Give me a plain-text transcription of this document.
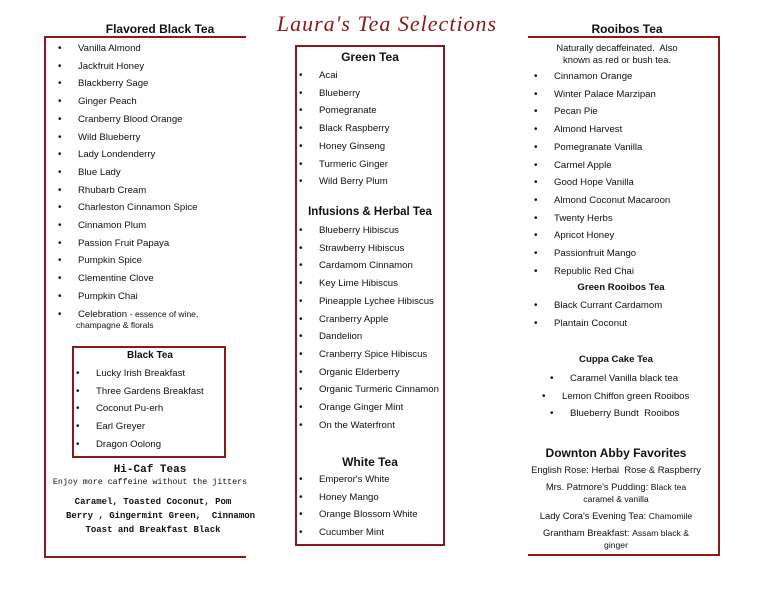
Laura's Tea Selections
Flavored Black Tea
• Vanilla Almond
• Jackfruit Honey
• Blackberry Sage
• Ginger Peach
• Cranberry Blood Orange
• Wild Blueberry
• Lady Londenderry
• Blue Lady
• Rhubarb Cream
• Charleston Cinnamon Spice
• Cinnamon Plum
• Passion Fruit Papaya
• Pumpkin Spice
• Clementine Clove
• Pumpkin Chai
• Celebration - essence of wine,
champagne & florals
Black Tea
• Lucky Irish Breakfast
• Three Gardens Breakfast
• Coconut Pu-erh
• Earl Greyer
• Dragon Oolong
Hi-Caf Teas
Enjoy more caffeine without the jitters
Caramel, Toasted Coconut, Pom
Berry , Gingermint Green,  Cinnamon
Toast and Breakfast Black
Green Tea
• Acai
• Blueberry
• Pomegranate
• Black Raspberry
• Honey Ginseng
• Turmeric Ginger
• Wild Berry Plum
Infusions & Herbal Tea
• Blueberry Hibiscus
• Strawberry Hibiscus
• Cardamom Cinnamon
• Key Lime Hibiscus
• Pineapple Lychee Hibiscus
• Cranberry Apple
• Dandelion
• Cranberry Spice Hibiscus
• Organic Elderberry
• Organic Turmeric Cinnamon
• Orange Ginger Mint
• On the Waterfront
White Tea
• Emperor's White
• Honey Mango
• Orange Blossom White
• Cucumber Mint
Rooibos Tea
Naturally decaffeinated.  Also
known as red or bush tea.
• Cinnamon Orange
• Winter Palace Marzipan
• Pecan Pie
• Almond Harvest
• Pomegranate Vanilla
• Carmel Apple
• Good Hope Vanilla
• Almond Coconut Macaroon
• Twenty Herbs
• Apricot Honey
• Passionfruit Mango
• Republic Red Chai
Green Rooibos Tea
• Black Currant Cardamom
• Plantain Coconut
Cuppa Cake Tea
• Caramel Vanilla black tea
• Lemon Chiffon green Rooibos
• Blueberry Bundt  Rooibos
Downton Abby Favorites
English Rose: Herbal  Rose & Raspberry
Mrs. Patmore's Pudding: Black tea
caramel & vanilla
Lady Cora's Evening Tea: Chamomile
Grantham Breakfast: Assam black &
ginger
